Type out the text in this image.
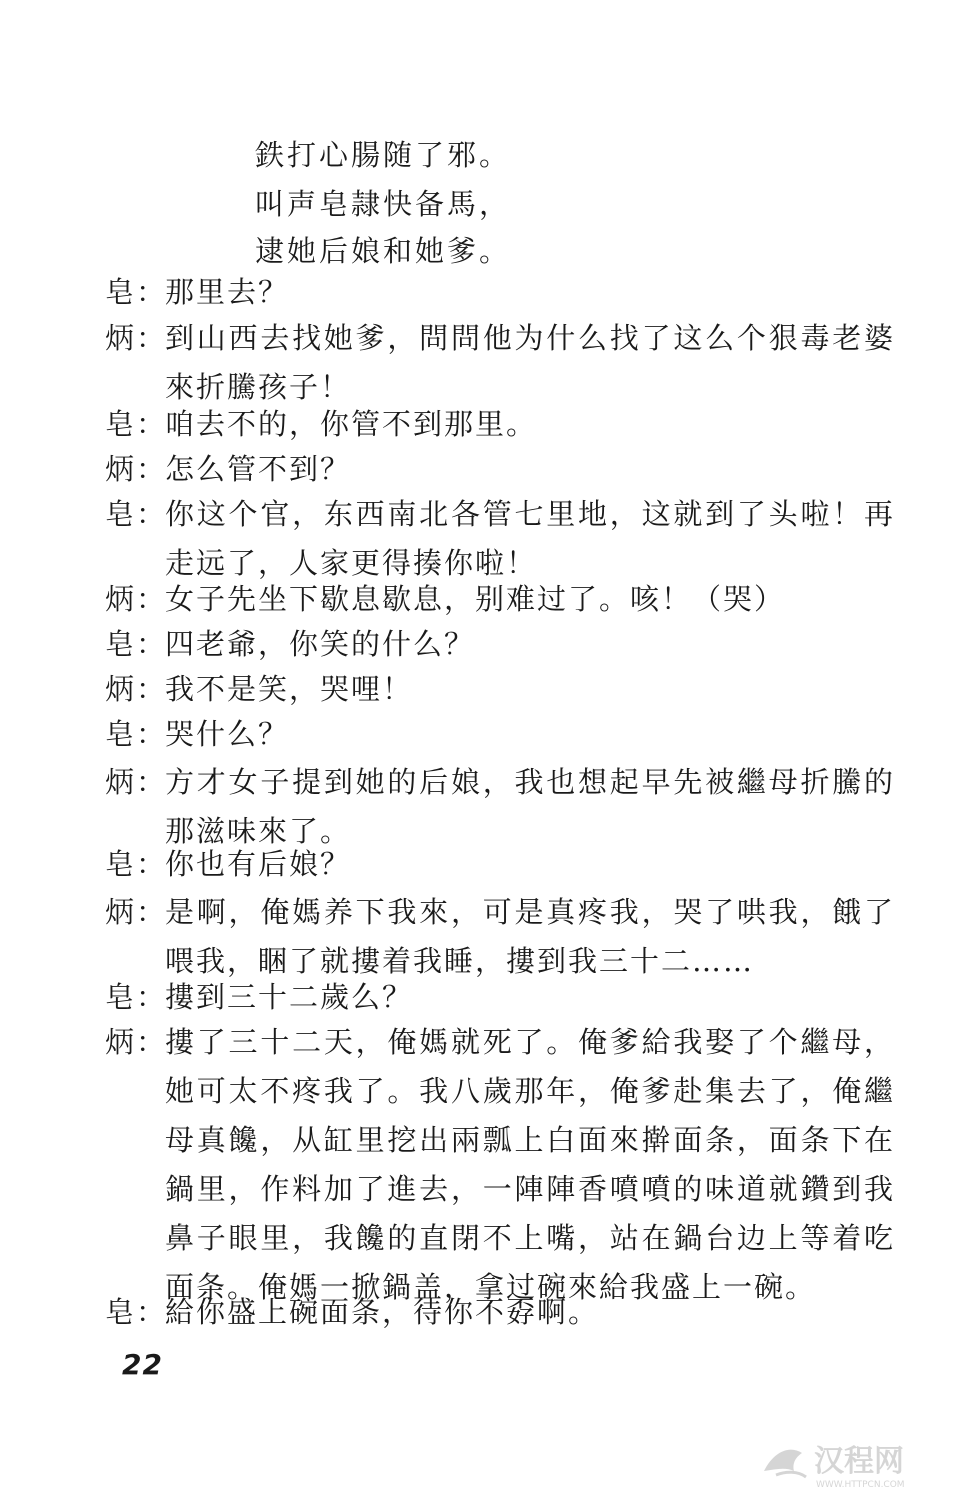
鉄打心腸随了邪。
叫声皂隷快备馬，
逮她后娘和她爹。
皂：
那里去？
炳：
到山西去找她爹，問問他为什么找了这么个狠毒老婆來折騰孩子！
皂：
咱去不的，你管不到那里。
炳：
怎么管不到？
皂：
你这个官，东西南北各管七里地，这就到了头啦！再走远了，人家更得揍你啦！
炳：
女子先坐下歇息歇息，别难过了。咳！（哭）
皂：
四老爺，你笑的什么？
炳：
我不是笑，哭哩！
皂：
哭什么？
炳：
方才女子提到她的后娘，我也想起早先被繼母折騰的那滋味來了。
皂：
你也有后娘？
炳：
是啊，俺媽养下我來，可是真疼我，哭了哄我，餓了喂我，睏了就摟着我睡，摟到我三十二……
皂：
摟到三十二歲么？
炳：
摟了三十二天，俺媽就死了。俺爹給我娶了个繼母，她可太不疼我了。我八歲那年，俺爹赴集去了，俺繼母真饞，从缸里挖出兩瓢上白面來擀面条，面条下在鍋里，作料加了進去，一陣陣香噴噴的味道就鑽到我鼻子眼里，我饞的直閉不上嘴，站在鍋台边上等着吃面条。俺媽一掀鍋盖，拿过碗來給我盛上一碗。
皂：
給你盛上碗面条，待你不孬啊。
22
汉程网
WWW.HTTPCN.COM
